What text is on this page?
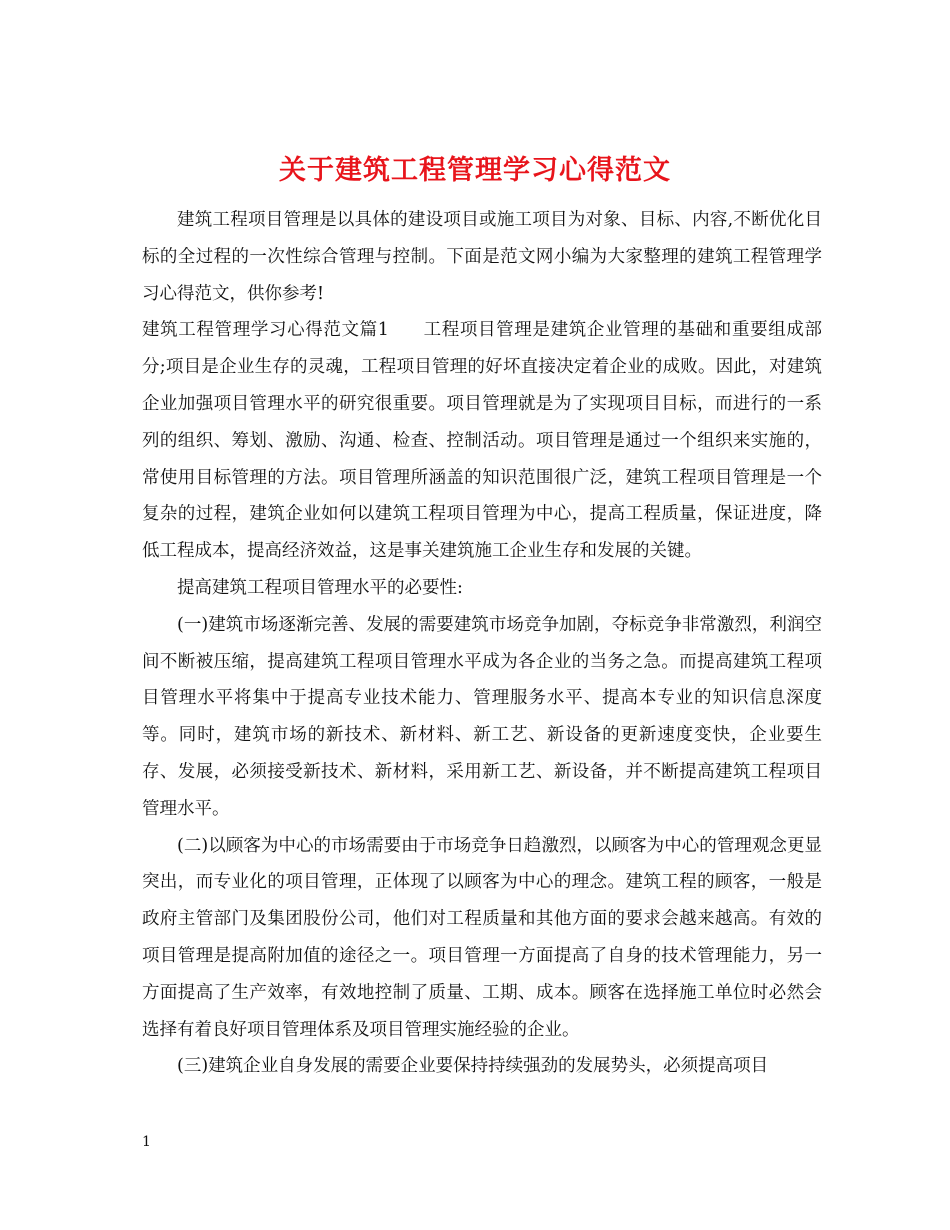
关于建筑工程管理学习心得范文

建筑工程项目管理是以具体的建设项目或施工项目为对象、目标、内容,不断优化目标的全过程的一次性综合管理与控制。下面是范文网小编为大家整理的建筑工程管理学习心得范文，供你参考!

建筑工程管理学习心得范文篇1 工程项目管理是建筑企业管理的基础和重要组成部分;项目是企业生存的灵魂，工程项目管理的好坏直接决定着企业的成败。因此，对建筑企业加强项目管理水平的研究很重要。项目管理就是为了实现项目目标，而进行的一系列的组织、筹划、激励、沟通、检查、控制活动。项目管理是通过一个组织来实施的，常使用目标管理的方法。项目管理所涵盖的知识范围很广泛，建筑工程项目管理是一个复杂的过程，建筑企业如何以建筑工程项目管理为中心，提高工程质量，保证进度，降低工程成本，提高经济效益，这是事关建筑施工企业生存和发展的关键。

提高建筑工程项目管理水平的必要性:

(一)建筑市场逐渐完善、发展的需要建筑市场竞争加剧，夺标竞争非常激烈，利润空间不断被压缩，提高建筑工程项目管理水平成为各企业的当务之急。而提高建筑工程项目管理水平将集中于提高专业技术能力、管理服务水平、提高本专业的知识信息深度等。同时，建筑市场的新技术、新材料、新工艺、新设备的更新速度变快，企业要生存、发展，必须接受新技术、新材料，采用新工艺、新设备，并不断提高建筑工程项目管理水平。

(二)以顾客为中心的市场需要由于市场竞争日趋激烈，以顾客为中心的管理观念更显突出，而专业化的项目管理，正体现了以顾客为中心的理念。建筑工程的顾客，一般是政府主管部门及集团股份公司，他们对工程质量和其他方面的要求会越来越高。有效的项目管理是提高附加值的途径之一。项目管理一方面提高了自身的技术管理能力，另一方面提高了生产效率，有效地控制了质量、工期、成本。顾客在选择施工单位时必然会选择有着良好项目管理体系及项目管理实施经验的企业。

(三)建筑企业自身发展的需要企业要保持持续强劲的发展势头，必须提高项目

1
